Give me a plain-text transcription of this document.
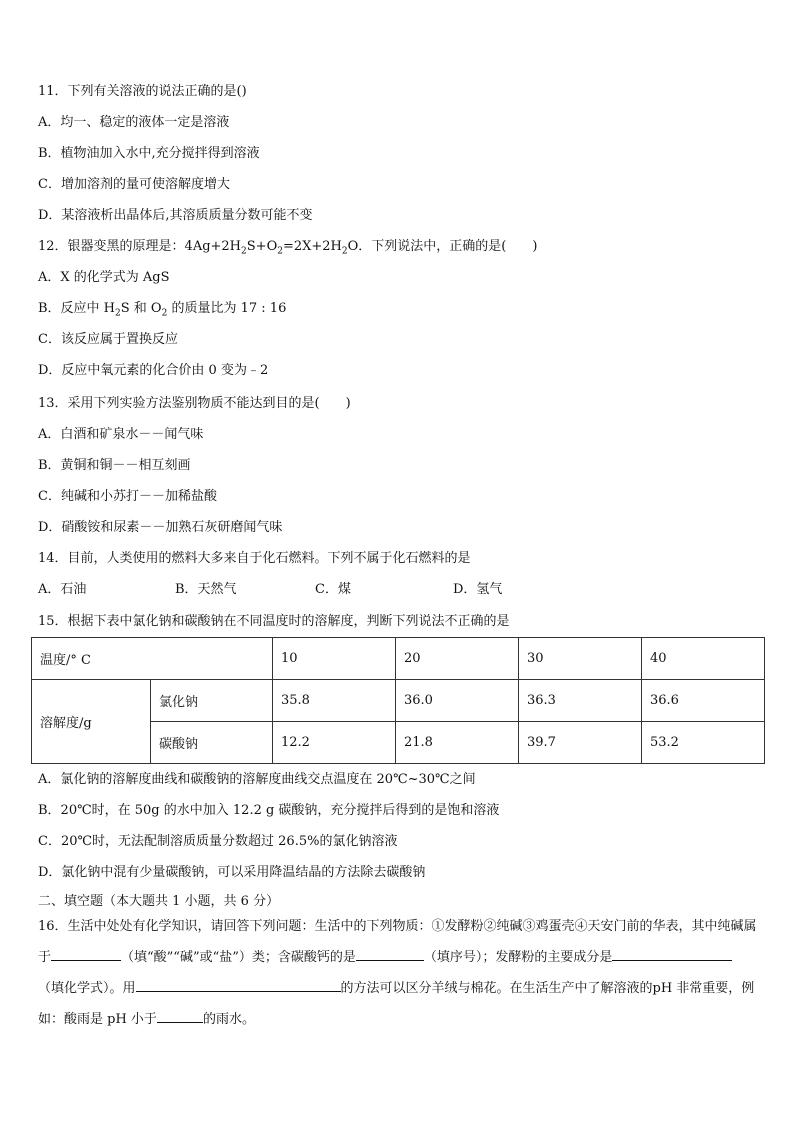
11．下列有关溶液的说法正确的是()
A．均一、稳定的液体一定是溶液
B．植物油加入水中,充分搅拌得到溶液
C．增加溶剂的量可使溶解度增大
D．某溶液析出晶体后,其溶质质量分数可能不变
12．银器变黑的原理是：$4Ag+2H_2S+O_2=2X+2H_2O$．下列说法中，正确的是(　　)
A．X 的化学式为 AgS
B．反应中 $H_2S$ 和 $O_2$ 的质量比为 17 : 16
C．该反应属于置换反应
D．反应中氧元素的化合价由 0 变为﹣2
13．采用下列实验方法鉴别物质不能达到目的是(　　)
A．白酒和矿泉水－－闻气味
B．黄铜和铜－－相互刻画
C．纯碱和小苏打－－加稀盐酸
D．硝酸铵和尿素－－加熟石灰研磨闻气味
14．目前，人类使用的燃料大多来自于化石燃料。下列不属于化石燃料的是
A．石油	B．天然气	C．煤	D．氢气
15．根据下表中氯化钠和碳酸钠在不同温度时的溶解度，判断下列说法不正确的是
温度/° C		10	20	30	40
溶解度/g	氯化钠	35.8	36.0	36.3	36.6
	碳酸钠	12.2	21.8	39.7	53.2
A．氯化钠的溶解度曲线和碳酸钠的溶解度曲线交点温度在 20℃~30℃之间
B．20℃时，在 50g 的水中加入 12.2 g 碳酸钠，充分搅拌后得到的是饱和溶液
C．20℃时，无法配制溶质质量分数超过 26.5%的氯化钠溶液
D．氯化钠中混有少量碳酸钠，可以采用降温结晶的方法除去碳酸钠
二、填空题（本大题共 1 小题，共 6 分）
16．生活中处处有化学知识，请回答下列问题：生活中的下列物质：①发酵粉②纯碱③鸡蛋壳④天安门前的华表，其中纯碱属于	（填“酸”“碱”或“盐”）类；含碳酸钙的是	（填序号）；发酵粉的主要成分是（填化学式）。用	的方法可以区分羊绒与棉花。在生活生产中了解溶液的pH 非常重要，例如：酸雨是 pH 小于	的雨水。
